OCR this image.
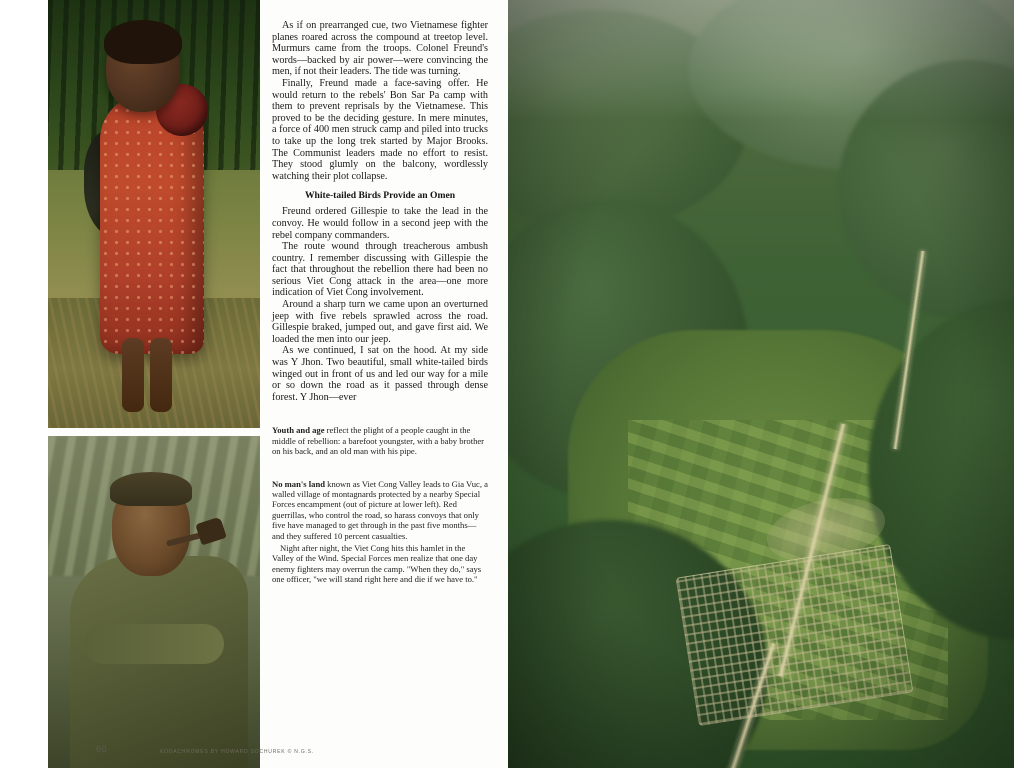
60	KODACHROMES BY HOWARD SOCHUREK © N.G.S.

As if on prearranged cue, two Vietnamese fighter planes roared across the compound at treetop level. Murmurs came from the troops. Colonel Freund's words—backed by air power—were convincing the men, if not their leaders. The tide was turning.

Finally, Freund made a face-saving offer. He would return to the rebels' Bon Sar Pa camp with them to prevent reprisals by the Vietnamese. This proved to be the deciding gesture. In mere minutes, a force of 400 men struck camp and piled into trucks to take up the long trek started by Major Brooks. The Communist leaders made no effort to resist. They stood glumly on the balcony, wordlessly watching their plot collapse.

White-tailed Birds Provide an Omen

Freund ordered Gillespie to take the lead in the convoy. He would follow in a second jeep with the rebel company commanders.

The route wound through treacherous ambush country. I remember discussing with Gillespie the fact that throughout the rebellion there had been no serious Viet Cong attack in the area—one more indication of Viet Cong involvement.

Around a sharp turn we came upon an overturned jeep with five rebels sprawled across the road. Gillespie braked, jumped out, and gave first aid. We loaded the men into our jeep.

As we continued, I sat on the hood. At my side was Y Jhon. Two beautiful, small white-tailed birds winged out in front of us and led our way for a mile or so down the road as it passed through dense forest. Y Jhon—ever

Youth and age reflect the plight of a people caught in the middle of rebellion: a barefoot youngster, with a baby brother on his back, and an old man with his pipe.
No man's land known as Viet Cong Valley leads to Gia Vuc, a walled village of montagnards protected by a nearby Special Forces encampment (out of picture at lower left). Red guerrillas, who control the road, so harass convoys that only five have managed to get through in the past five months—and they suffered 10 percent casualties.
Night after night, the Viet Cong hits this hamlet in the Valley of the Wind. Special Forces men realize that one day enemy fighters may overrun the camp. "When they do," says one officer, "we will stand right here and die if we have to."
